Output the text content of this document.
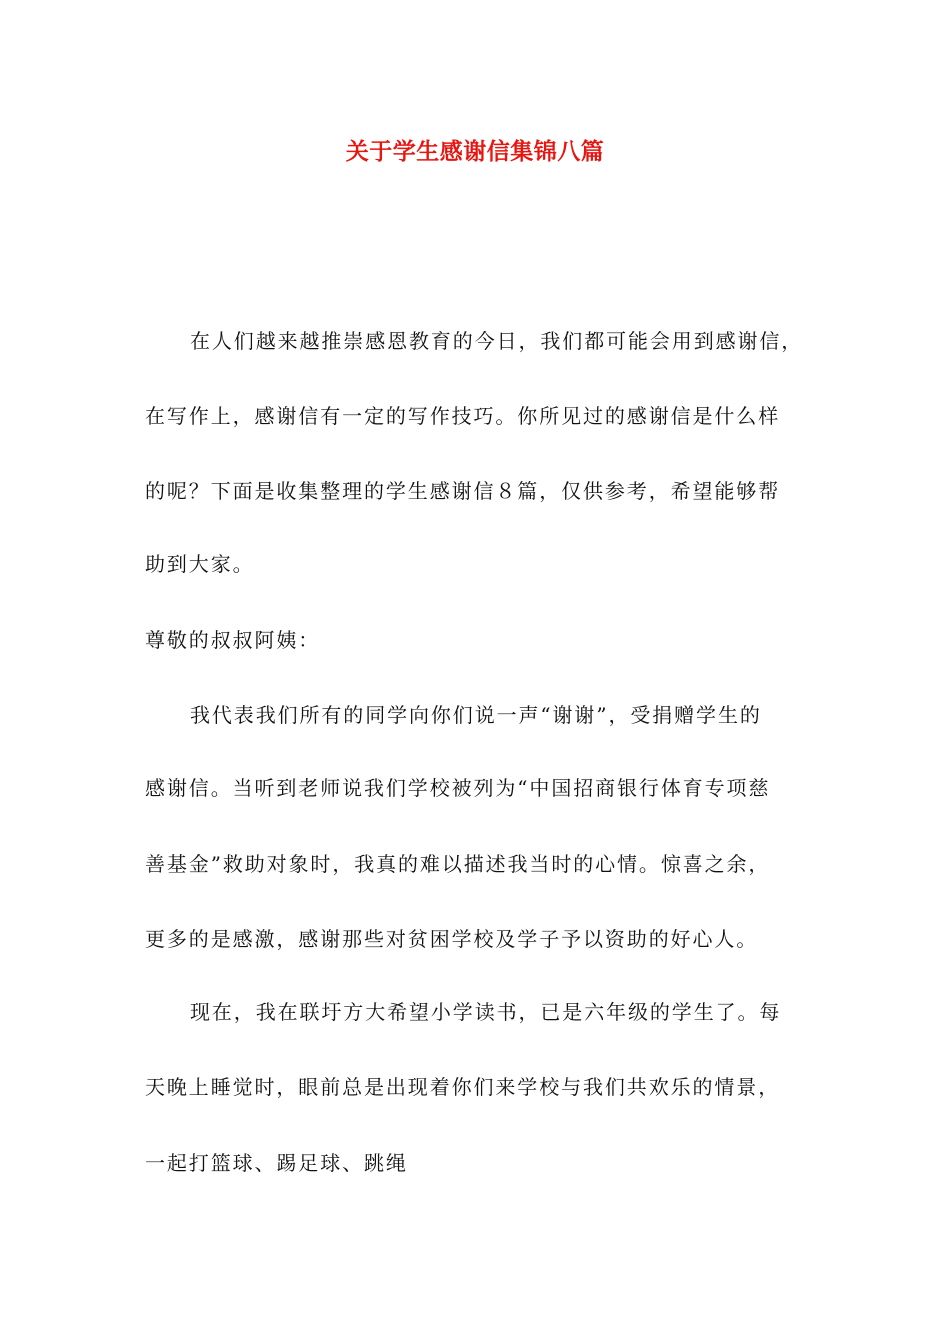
关于学生感谢信集锦八篇
在人们越来越推崇感恩教育的今日，我们都可能会用到感谢信，
在写作上，感谢信有一定的写作技巧。你所见过的感谢信是什么样
的呢？下面是收集整理的学生感谢信８篇，仅供参考，希望能够帮
助到大家。
尊敬的叔叔阿姨：
我代表我们所有的同学向你们说一声“谢谢”，受捐赠学生的
感谢信。当听到老师说我们学校被列为“中国招商银行体育专项慈
善基金”救助对象时，我真的难以描述我当时的心情。惊喜之余，
更多的是感激，感谢那些对贫困学校及学子予以资助的好心人。
现在，我在联圩方大希望小学读书，已是六年级的学生了。每
天晚上睡觉时，眼前总是出现着你们来学校与我们共欢乐的情景，
一起打篮球、踢足球、跳绳
